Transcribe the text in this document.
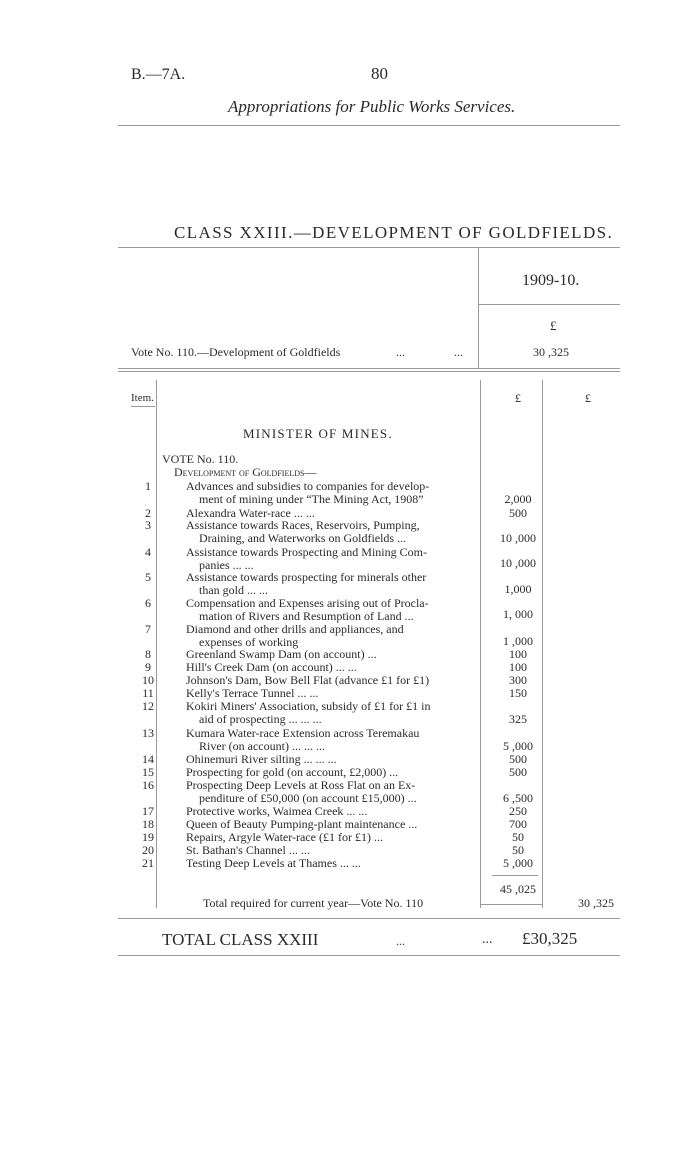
B.—7A.	80
Appropriations for Public Works Services.
CLASS XXIII.—DEVELOPMENT OF GOLDFIELDS.
1909-10.
£
Vote No. 110.—Development of Goldfields	...	...	30 ,325
Item.	£	£
MINISTER OF MINES.
VOTE No. 110.
Development of Goldfields—
1	Advances and subsidies to companies for develop-
ment of mining under “The Mining Act, 1908”	2,000
2	Alexandra Water-race ... ...	500
3	Assistance towards Races, Reservoirs, Pumping,
Draining, and Waterworks on Goldfields ...	10 ,000
4	Assistance towards Prospecting and Mining Com-
panies ... ...	10 ,000
5	Assistance towards prospecting for minerals other
than gold ... ...	1,000
6	Compensation and Expenses arising out of Procla-
mation of Rivers and Resumption of Land ...	1, 000
7	Diamond and other drills and appliances, and
expenses of working	1 ,000
8	Greenland Swamp Dam (on account) ...	100
9	Hill's Creek Dam (on account) ... ...	100
10	Johnson's Dam, Bow Bell Flat (advance £1 for £1)	300
11	Kelly's Terrace Tunnel ... ...	150
12	Kokiri Miners' Association, subsidy of £1 for £1 in
aid of prospecting ... ... ...	325
13	Kumara Water-race Extension across Teremakau
River (on account) ... ... ...	5 ,000
14	Ohinemuri River silting ... ... ...	500
15	Prospecting for gold (on account, £2,000) ...	500
16	Prospecting Deep Levels at Ross Flat on an Ex-
penditure of £50,000 (on account £15,000) ...	6 ,500
17	Protective works, Waimea Creek ... ...	250
18	Queen of Beauty Pumping-plant maintenance ...	700
19	Repairs, Argyle Water-race (£1 for £1) ...	50
20	St. Bathan's Channel ... ...	50
21	Testing Deep Levels at Thames ... ...	5 ,000
45 ,025
Total required for current year—Vote No. 110	30 ,325
TOTAL CLASS XXIII	...	... £30,325
